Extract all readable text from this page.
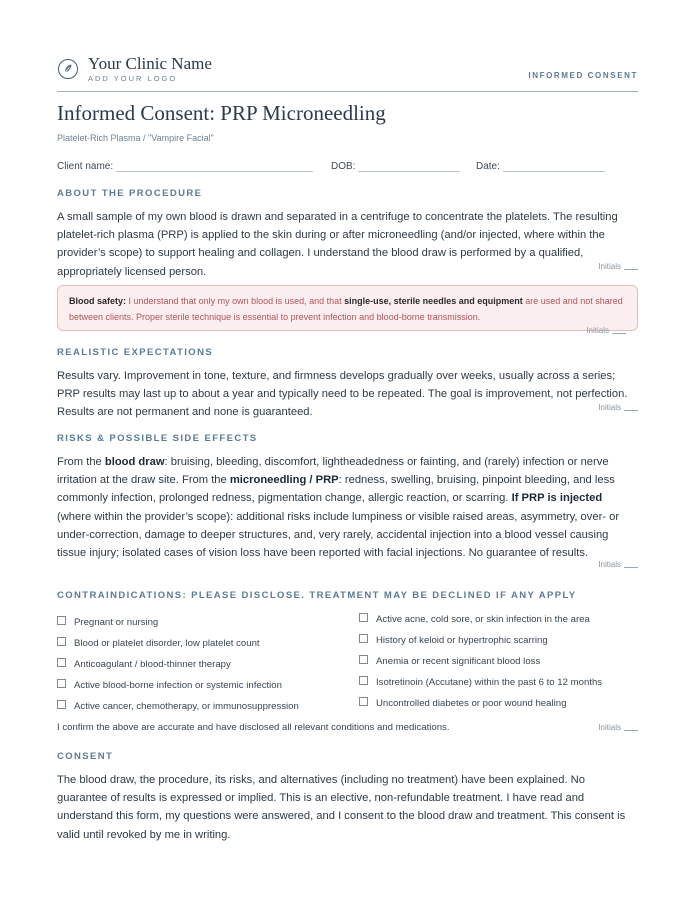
Your Clinic Name
ADD YOUR LOGO	INFORMED CONSENT
Informed Consent: PRP Microneedling
Platelet-Rich Plasma / "Vampire Facial"
Client name:	DOB:	Date:
ABOUT THE PROCEDURE
A small sample of my own blood is drawn and separated in a centrifuge to concentrate the platelets. The resulting platelet-rich plasma (PRP) is applied to the skin during or after microneedling (and/or injected, where within the provider’s scope) to support healing and collagen. I understand the blood draw is performed by a qualified, appropriately licensed person.	Initials
Blood safety: I understand that only my own blood is used, and that single-use, sterile needles and equipment are used and not shared between clients. Proper sterile technique is essential to prevent infection and blood-borne transmission.
Initials
REALISTIC EXPECTATIONS
Results vary. Improvement in tone, texture, and firmness develops gradually over weeks, usually across a series; PRP results may last up to about a year and typically need to be repeated. The goal is improvement, not perfection. Results are not permanent and none is guaranteed.	Initials
RISKS & POSSIBLE SIDE EFFECTS
From the blood draw: bruising, bleeding, discomfort, lightheadedness or fainting, and (rarely) infection or nerve irritation at the draw site. From the microneedling / PRP: redness, swelling, bruising, pinpoint bleeding, and less commonly infection, prolonged redness, pigmentation change, allergic reaction, or scarring. If PRP is injected (where within the provider’s scope): additional risks include lumpiness or visible raised areas, asymmetry, over- or under-correction, damage to deeper structures, and, very rarely, accidental injection into a blood vessel causing tissue injury; isolated cases of vision loss have been reported with facial injections. No guarantee of results.
Initials
CONTRAINDICATIONS: PLEASE DISCLOSE. TREATMENT MAY BE DECLINED IF ANY APPLY
Pregnant or nursing
Blood or platelet disorder, low platelet count
Anticoagulant / blood-thinner therapy
Active blood-borne infection or systemic infection
Active cancer, chemotherapy, or immunosuppression
Active acne, cold sore, or skin infection in the area
History of keloid or hypertrophic scarring
Anemia or recent significant blood loss
Isotretinoin (Accutane) within the past 6 to 12 months
Uncontrolled diabetes or poor wound healing
I confirm the above are accurate and have disclosed all relevant conditions and medications.	Initials
CONSENT
The blood draw, the procedure, its risks, and alternatives (including no treatment) have been explained. No guarantee of results is expressed or implied. This is an elective, non-refundable treatment. I have read and understand this form, my questions were answered, and I consent to the blood draw and treatment. This consent is valid until revoked by me in writing.
